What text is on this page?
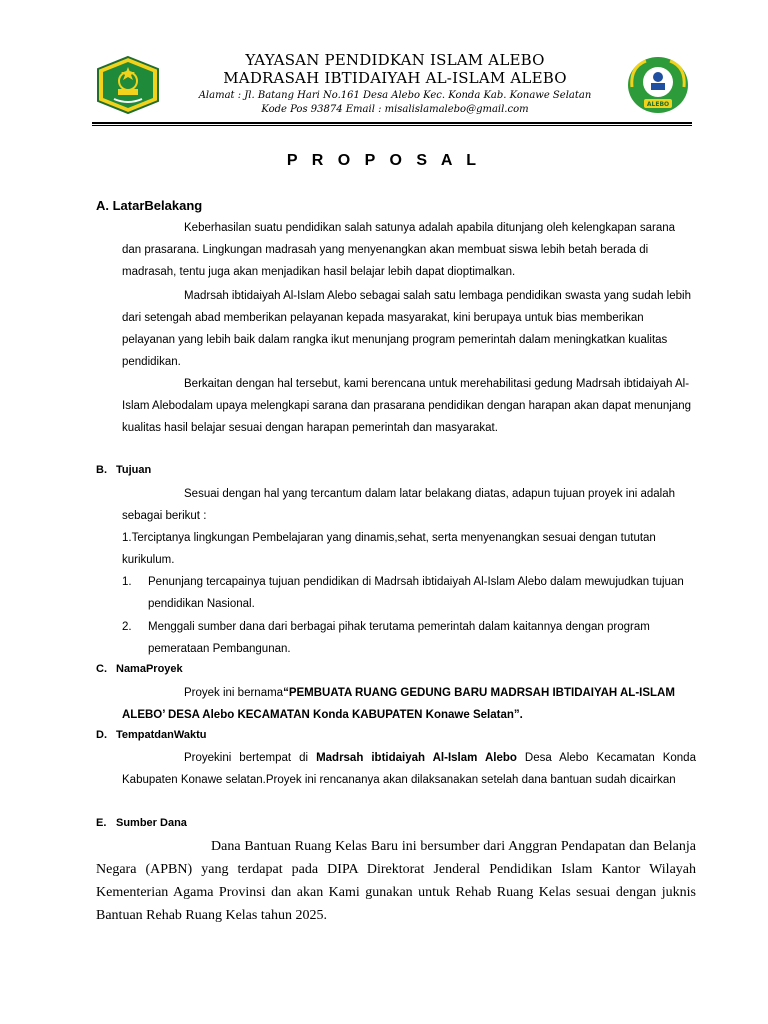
YAYASAN PENDIDKAN ISLAM ALEBO
MADRASAH IBTIDAIYAH AL-ISLAM ALEBO
Alamat : Jl. Batang Hari No.161 Desa Alebo Kec. Konda Kab. Konawe Selatan
Kode Pos 93874 Email : misalislamalebo@gmail.com	ALEBO
P R O P O S A L
A. LatarBelakang

Keberhasilan suatu pendidikan salah satunya adalah apabila ditunjang oleh kelengkapan sarana dan prasarana. Lingkungan madrasah yang menyenangkan akan membuat siswa lebih betah berada di madrasah, tentu juga akan menjadikan hasil belajar lebih dapat dioptimalkan.

Madrsah ibtidaiyah Al-Islam Alebo sebagai salah satu lembaga pendidikan swasta yang sudah lebih dari setengah abad memberikan pelayanan kepada masyarakat, kini berupaya untuk bias memberikan pelayanan yang lebih baik dalam rangka ikut menunjang program pemerintah dalam meningkatkan kualitas pendidikan.

Berkaitan dengan hal tersebut, kami berencana untuk merehabilitasi gedung Madrsah ibtidaiyah Al-Islam Alebodalam upaya melengkapi sarana dan prasarana pendidikan dengan harapan akan dapat menunjang kualitas hasil belajar sesuai dengan harapan pemerintah dan masyarakat.

B. Tujuan

Sesuai dengan hal yang tercantum dalam latar belakang diatas, adapun tujuan proyek ini adalah sebagai berikut :

1.Terciptanya lingkungan Pembelajaran yang dinamis,sehat, serta menyenangkan sesuai dengan tututan kurikulum.

1.	Penunjang tercapainya tujuan pendidikan di Madrsah ibtidaiyah Al-Islam Alebo dalam mewujudkan tujuan pendidikan Nasional.
2.	Menggali sumber dana dari berbagai pihak terutama pemerintah dalam kaitannya dengan program pemerataan Pembangunan.
C. NamaProyek

Proyek ini bernama“PEMBUATA RUANG GEDUNG BARU MADRSAH IBTIDAIYAH AL-ISLAM ALEBO’ DESA Alebo KECAMATAN Konda KABUPATEN Konawe Selatan”.

D. TempatdanWaktu

Proyekini bertempat di Madrsah ibtidaiyah Al-Islam Alebo Desa Alebo Kecamatan Konda Kabupaten Konawe selatan.Proyek ini rencananya akan dilaksanakan setelah dana bantuan sudah dicairkan

E. Sumber Dana

Dana Bantuan Ruang Kelas Baru ini bersumber dari Anggran Pendapatan dan Belanja Negara (APBN) yang terdapat pada DIPA Direktorat Jenderal Pendidikan Islam Kantor Wilayah Kementerian Agama Provinsi dan akan Kami gunakan untuk Rehab Ruang Kelas sesuai dengan juknis Bantuan Rehab Ruang Kelas tahun 2025.
